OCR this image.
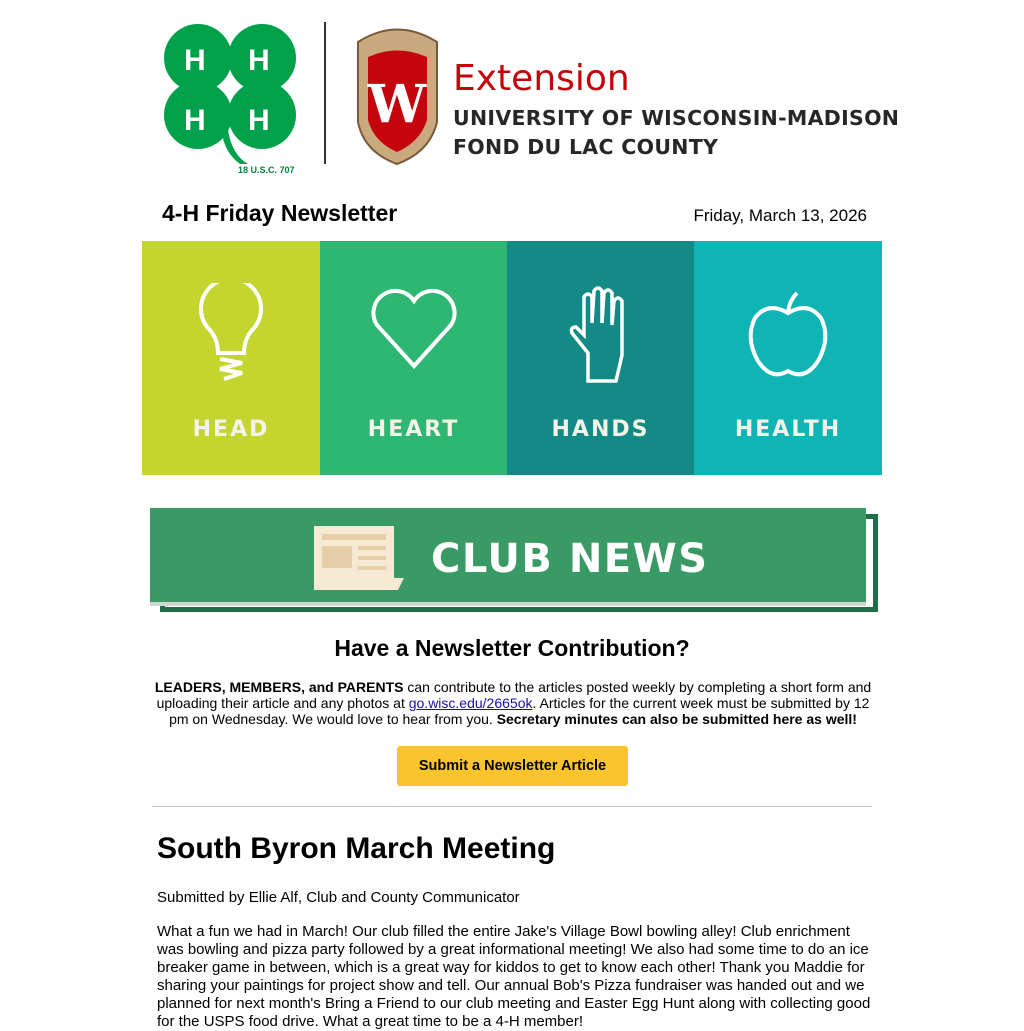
H H
H H
18 U.S.C. 707
W Extension
UNIVERSITY OF WISCONSIN-MADISON
FOND DU LAC COUNTY
4-H Friday Newsletter	Friday, March 13, 2026
HEAD	HEART	HANDS	HEALTH
CLUB NEWS
Have a Newsletter Contribution?
LEADERS, MEMBERS, and PARENTS can contribute to the articles posted weekly by completing a short form and uploading their article and any photos at go.wisc.edu/2665ok. Articles for the current week must be submitted by 12 pm on Wednesday. We would love to hear from you. Secretary minutes can also be submitted here as well!
Submit a Newsletter Article
South Byron March Meeting
Submitted by Ellie Alf, Club and County Communicator
What a fun we had in March! Our club filled the entire Jake's Village Bowl bowling alley! Club enrichment was bowling and pizza party followed by a great informational meeting! We also had some time to do an ice breaker game in between, which is a great way for kiddos to get to know each other! Thank you Maddie for sharing your paintings for project show and tell. Our annual Bob's Pizza fundraiser was handed out and we planned for next month's Bring a Friend to our club meeting and Easter Egg Hunt along with collecting good for the USPS food drive. What a great time to be a 4-H member!
